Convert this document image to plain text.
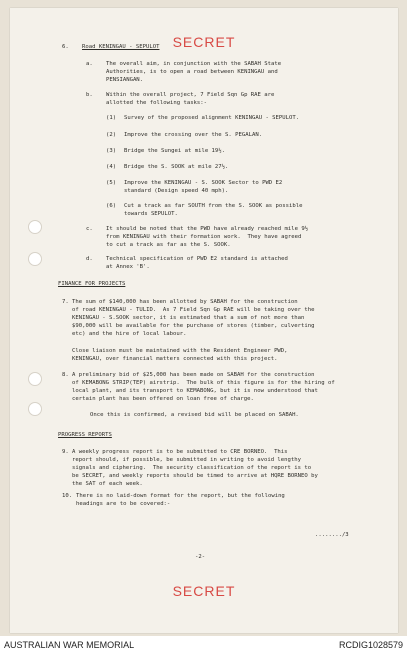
SECRET
6. Road KENINGAU - SEPULOT
a. The overall aim, in conjunction with the SABAH State
Authorities, is to open a road between KENINGAU and
PENSIANGAN.
b. Within the overall project, 7 Field Sqn Gp RAE are
allotted the following tasks:-
(1) Survey of the proposed alignment KENINGAU - SEPULOT.
(2) Improve the crossing over the S. PEGALAN.
(3) Bridge the Sungei at mile 19½.
(4) Bridge the S. SOOK at mile 27½.
(5) Improve the KENINGAU - S. SOOK Sector to PWD E2
standard (Design speed 40 mph).
(6) Cut a track as far SOUTH from the S. SOOK as possible
towards SEPULOT.
c. It should be noted that the PWD have already reached mile 9½
from KENINGAU with their formation work.  They have agreed
to cut a track as far as the S. SOOK.
d. Technical specification of PWD E2 standard is attached
at Annex 'B'.
FINANCE FOR PROJECTS
7. The sum of $140,000 has been allotted by SABAH for the construction
of road KENINGAU - TULID.  As 7 Field Sqn Gp RAE will be taking over the
KENINGAU - S.SOOK sector, it is estimated that a sum of not more than
$90,000 will be available for the purchase of stores (timber, culverting
etc) and the hire of local labour.
Close liaison must be maintained with the Resident Engineer PWD,
KENINGAU, over financial matters connected with this project.
8. A preliminary bid of $25,000 has been made on SABAH for the construction
of KEMABONG STRIP(TEP) airstrip.  The bulk of this figure is for the hiring of
local plant, and its transport to KEMABONG, but it is now understood that
certain plant has been offered on loan free of charge.
Once this is confirmed, a revised bid will be placed on SABAH.
PROGRESS REPORTS
9. A weekly progress report is to be submitted to CRE BORNEO.  This
report should, if possible, be submitted in writing to avoid lengthy
signals and ciphering.  The security classification of the report is to
be SECRET, and weekly reports should be timed to arrive at HQRE BORNEO by
the SAT of each week.
10. There is no laid-down format for the report, but the following
headings are to be covered:-
......../3
-2-
SECRET
AUSTRALIAN WAR MEMORIAL	RCDIG1028579
